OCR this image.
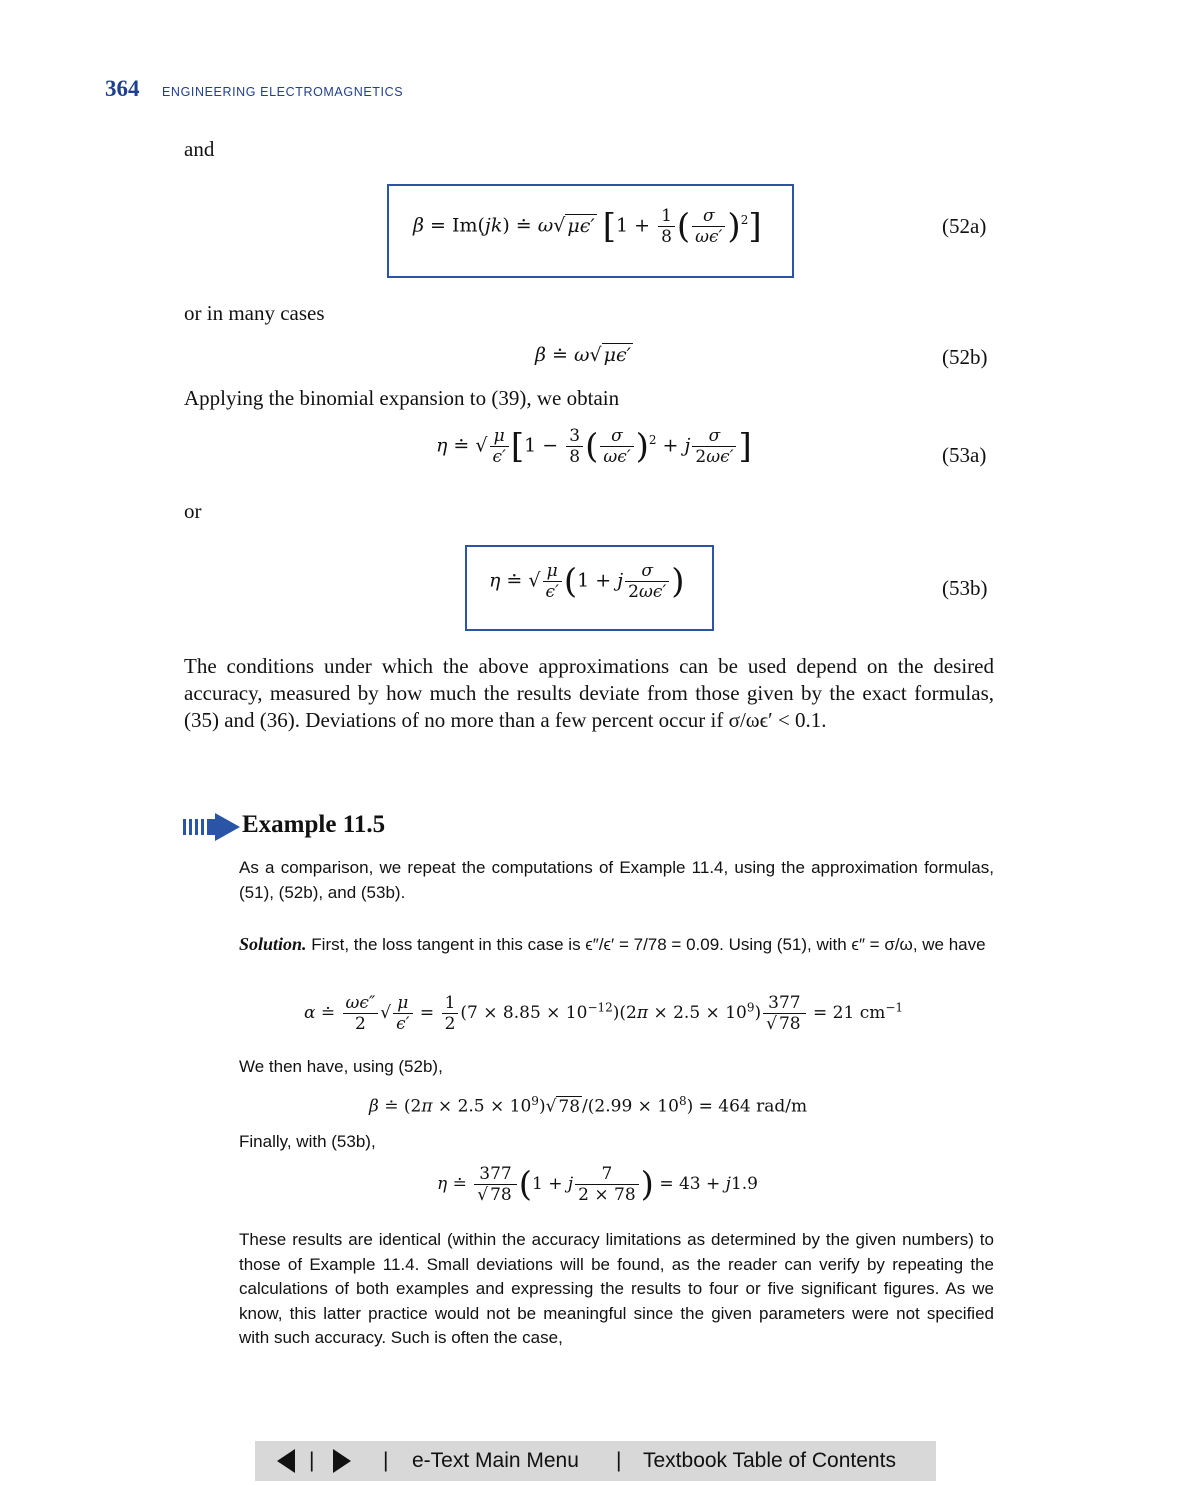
364 ENGINEERING ELECTROMAGNETICS
and
β = Im(jk) ≐ ω√ μϵ′ [$1 + \frac{1}{8}$ ( $\frac{\sigma}{\omega\epsilon'} )^2$]	(52a)
or in many cases
β ≐ ω√ μϵ′	(52b)
Applying the binomial expansion to (39), we obtain
η ≐ √ $\frac{\mu}{\epsilon'} [1 - \frac{3}{8}$ ( $\frac{\sigma}{\omega\epsilon'} )^2 + j \frac{\sigma}{2\omega\epsilon'}$ ]	(53a)
or
η ≐ √ $\frac{\mu}{\epsilon'} (1 + j \frac{\sigma}{2\omega\epsilon'}$ )	(53b)
The conditions under which the above approximations can be used depend on the desired accuracy, measured by how much the results deviate from those given by the exact formulas, (35) and (36). Deviations of no more than a few percent occur if σ/ωϵ′ < 0.1.
Example 11.5
As a comparison, we repeat the computations of Example 11.4, using the approximation formulas, (51), (52b), and (53b).
Solution. First, the loss tangent in this case is ϵ″/ϵ′ = 7/78 = 0.09. Using (51), with ϵ″ = σ/ω, we have
α ≐ $\frac{\omega\epsilon''}{2}$ √ $\frac{\mu}{\epsilon'} = \frac{1}{2} (7 \times 8.85 \times 10^{-12})(2\pi \times 2.5 \times 10^9) \frac{377}{√ 78} = 21$ $cm^{-1}$
We then have, using (52b),
β ≐ $(2\pi \times 2.5 \times 10^9)√$ 78 $/(2.99 \times 10^8) = 464$ rad/m
Finally, with (53b),
η ≐ $\frac{377}{√ 78} (1 + j \frac{7}{2 \times 78}$ ) = 43 + j1.9
These results are identical (within the accuracy limitations as determined by the given numbers) to those of Example 11.4. Small deviations will be found, as the reader can verify by repeating the calculations of both examples and expressing the results to four or five significant figures. As we know, this latter practice would not be meaningful since the given parameters were not specified with such accuracy. Such is often the case,
|	| e-Text Main Menu | Textbook Table of Contents
